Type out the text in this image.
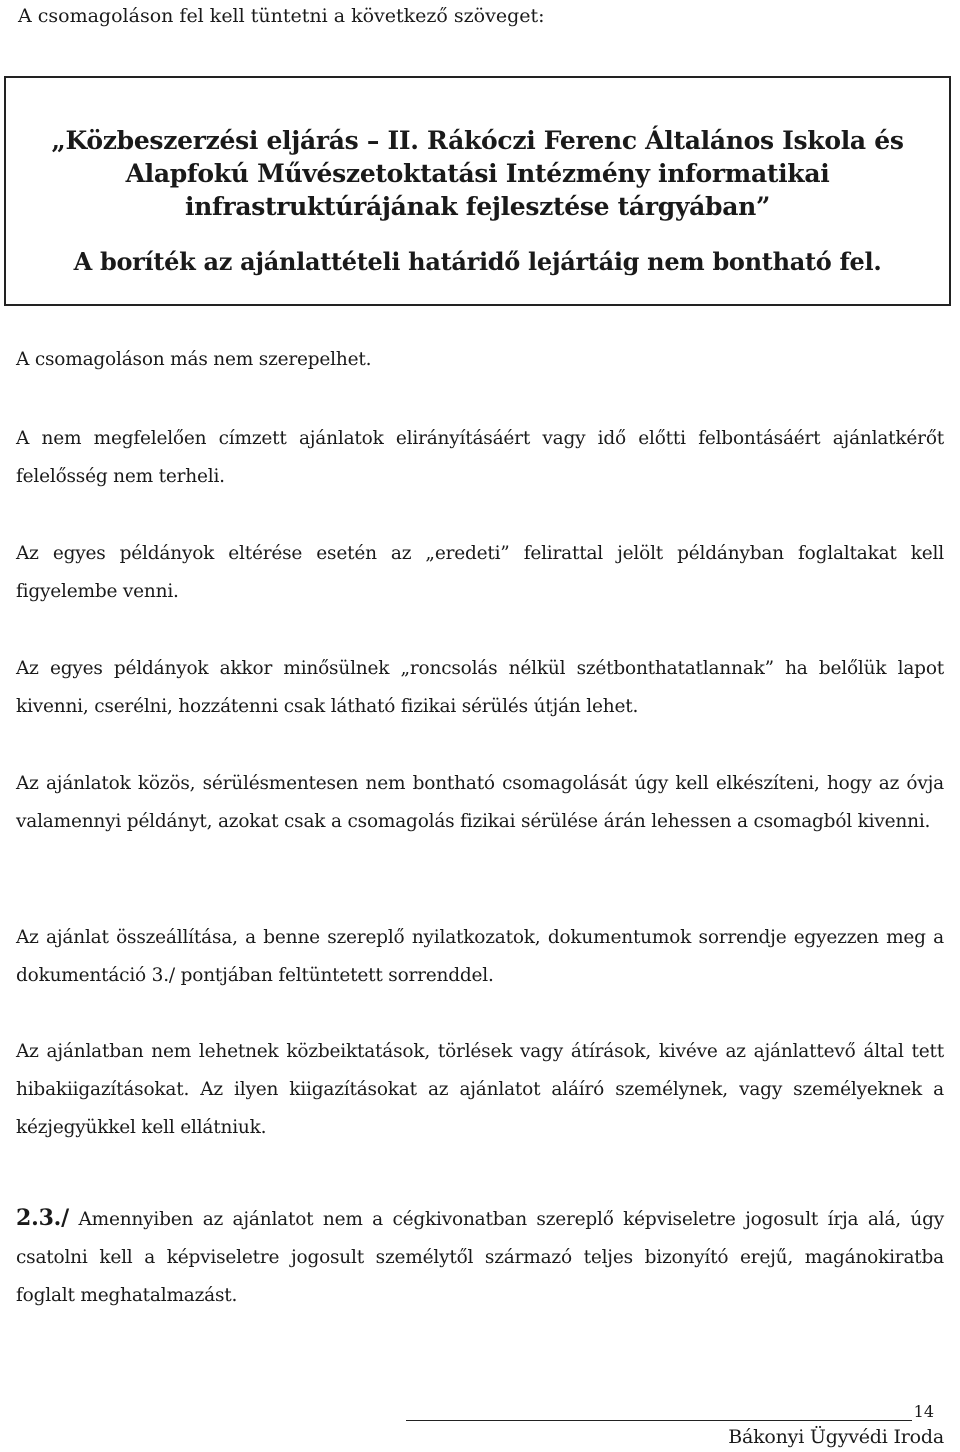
A csomagoláson fel kell tüntetni a következő szöveget:

„Közbeszerzési eljárás – II. Rákóczi Ferenc Általános Iskola és
Alapfokú Művészetoktatási Intézmény informatikai
infrastruktúrájának fejlesztése tárgyában”

A boríték az ajánlattételi határidő lejártáig nem bontható fel.

A csomagoláson más nem szerepelhet.

A nem megfelelően címzett ajánlatok elirányításáért vagy idő előtti felbontásáért ajánlatkérőt felelősség nem terheli.

Az egyes példányok eltérése esetén az „eredeti” felirattal jelölt példányban foglaltakat kell figyelembe venni.

Az egyes példányok akkor minősülnek „roncsolás nélkül szétbonthatatlannak” ha belőlük lapot kivenni, cserélni, hozzátenni csak látható fizikai sérülés útján lehet.

Az ajánlatok közös, sérülésmentesen nem bontható csomagolását úgy kell elkészíteni, hogy az óvja valamennyi példányt, azokat csak a csomagolás fizikai sérülése árán lehessen a csomagból kivenni.

Az ajánlat összeállítása, a benne szereplő nyilatkozatok, dokumentumok sorrendje egyezzen meg a dokumentáció 3./ pontjában feltüntetett sorrenddel.

Az ajánlatban nem lehetnek közbeiktatások, törlések vagy átírások, kivéve az ajánlattevő által tett hibakiigazításokat. Az ilyen kiigazításokat az ajánlatot aláíró személynek, vagy személyeknek a kézjegyükkel kell ellátniuk.

2.3./ Amennyiben az ajánlatot nem a cégkivonatban szereplő képviseletre jogosult írja alá, úgy csatolni kell a képviseletre jogosult személytől származó teljes bizonyító erejű, magánokiratba foglalt meghatalmazást.

14
Bákonyi Ügyvédi Iroda
